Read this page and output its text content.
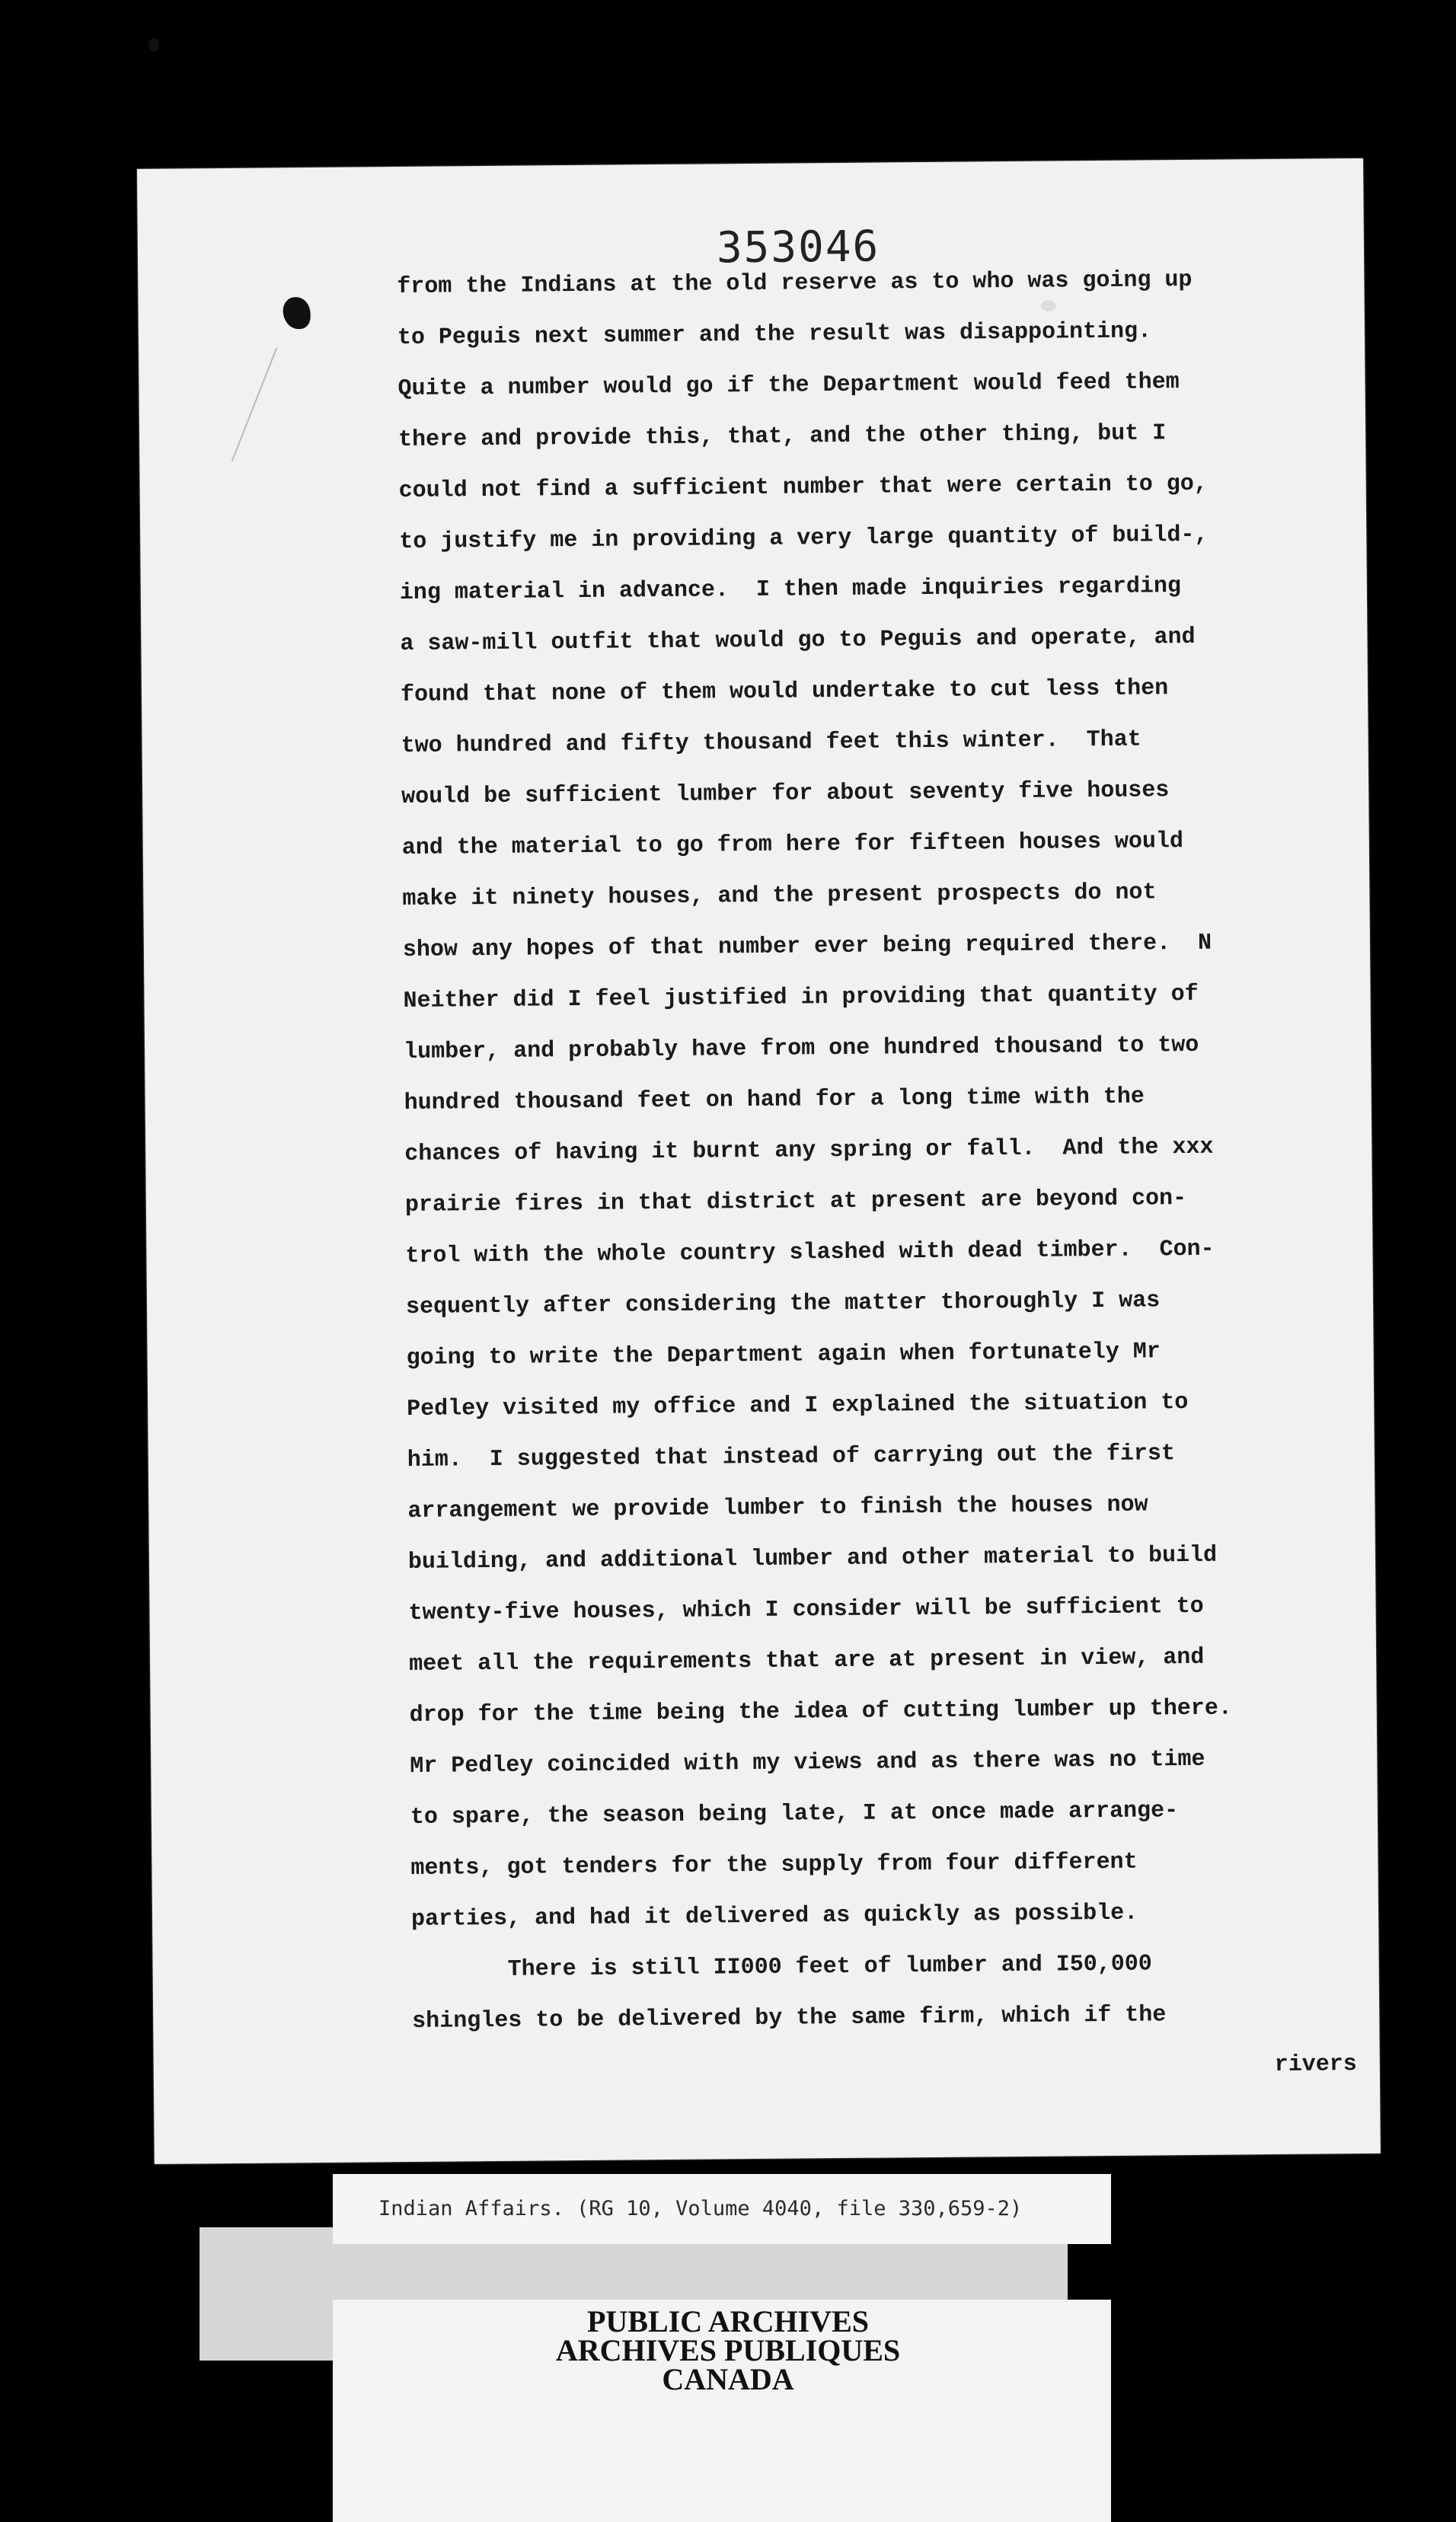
353046
from the Indians at the old reserve as to who was going up
to Peguis next summer and the result was disappointing.
Quite a number would go if the Department would feed them
there and provide this, that, and the other thing, but I
could not find a sufficient number that were certain to go,
to justify me in providing a very large quantity of build-,
ing material in advance.  I then made inquiries regarding
a saw-mill outfit that would go to Peguis and operate, and
found that none of them would undertake to cut less then
two hundred and fifty thousand feet this winter.  That
would be sufficient lumber for about seventy five houses
and the material to go from here for fifteen houses would
make it ninety houses, and the present prospects do not
show any hopes of that number ever being required there.  N
Neither did I feel justified in providing that quantity of
lumber, and probably have from one hundred thousand to two
hundred thousand feet on hand for a long time with the
chances of having it burnt any spring or fall.  And the xxx
prairie fires in that district at present are beyond con-
trol with the whole country slashed with dead timber.  Con-
sequently after considering the matter thoroughly I was
going to write the Department again when fortunately Mr
Pedley visited my office and I explained the situation to
him.  I suggested that instead of carrying out the first
arrangement we provide lumber to finish the houses now
building, and additional lumber and other material to build
twenty-five houses, which I consider will be sufficient to
meet all the requirements that are at present in view, and
drop for the time being the idea of cutting lumber up there.
Mr Pedley coincided with my views and as there was no time
to spare, the season being late, I at once made arrange-
ments, got tenders for the supply from four different
parties, and had it delivered as quickly as possible.
There is still II000 feet of lumber and I50,000
shingles to be delivered by the same firm, which if the
rivers
Indian Affairs. (RG 10, Volume 4040, file 330,659-2)
PUBLIC ARCHIVES
ARCHIVES PUBLIQUES
CANADA
